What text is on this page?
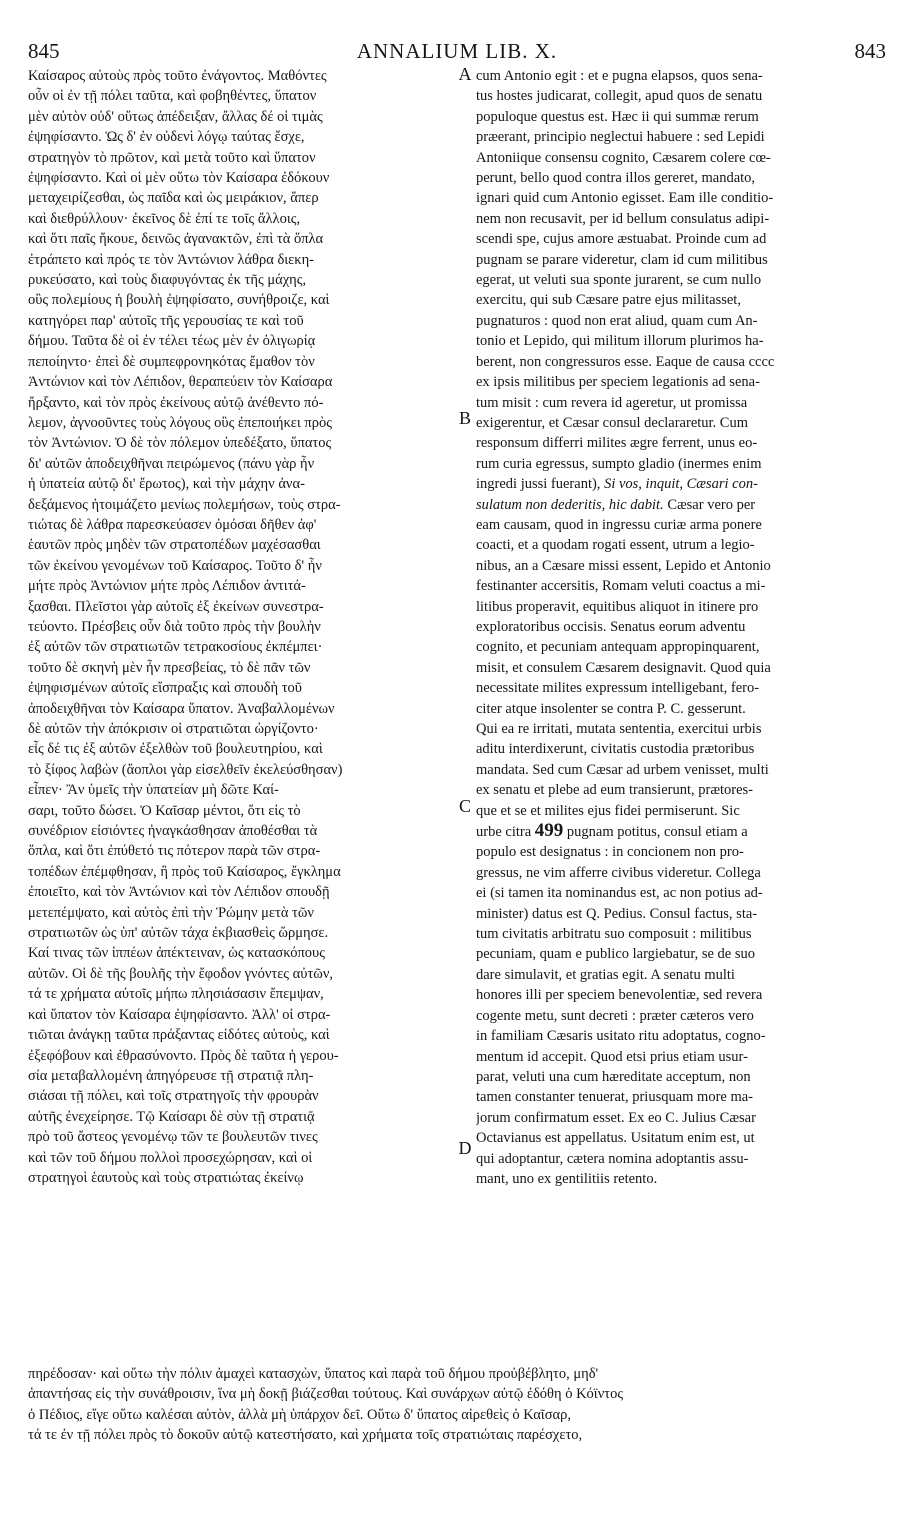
845	ANNALIUM LIB. X.	843
A
B
C
D
Καίσαρος αὐτοὺς πρὸς τοῦτο ἐνάγοντος. Μαθόντες
οὖν οἱ ἐν τῇ πόλει ταῦτα, καὶ φοβηθέντες, ὕπατον
μὲν αὐτὸν οὐδ' οὕτως ἀπέδειξαν, ἄλλας δέ οἱ τιμὰς
ἐψηφίσαντο. Ὡς δ' ἐν οὐδενὶ λόγῳ ταύτας ἔσχε,
στρατηγὸν τὸ πρῶτον, καὶ μετὰ τοῦτο καὶ ὕπατον
ἐψηφίσαντο. Καὶ οἱ μὲν οὕτω τὸν Καίσαρα ἐδόκουν
μεταχειρίζεσθαι, ὡς παῖδα καὶ ὡς μειράκιον, ἅπερ
καὶ διεθρύλλουν· ἐκεῖνος δὲ ἐπί τε τοῖς ἄλλοις,
καὶ ὅτι παῖς ἤκουε, δεινῶς ἀγανακτῶν, ἐπὶ τὰ ὅπλα
ἐτράπετο καὶ πρός τε τὸν Ἀντώνιον λάθρα διεκη-
ρυκεύσατο, καὶ τοὺς διαφυγόντας ἐκ τῆς μάχης,
οὓς πολεμίους ἡ βουλὴ ἐψηφίσατο, συνήθροιζε, καὶ
κατηγόρει παρ' αὐτοῖς τῆς γερουσίας τε καὶ τοῦ
δήμου. Ταῦτα δὲ οἱ ἐν τέλει τέως μὲν ἐν ὀλιγωρίᾳ
πεποίηντο· ἐπεὶ δὲ συμπεφρονηκότας ἔμαθον τὸν
Ἀντώνιον καὶ τὸν Λέπιδον, θεραπεύειν τὸν Καίσαρα
ἤρξαντο, καὶ τὸν πρὸς ἐκείνους αὐτῷ ἀνέθεντο πό-
λεμον, ἀγνοοῦντες τοὺς λόγους οὓς ἐπεποιήκει πρὸς
τὸν Ἀντώνιον. Ὁ δὲ τὸν πόλεμον ὑπεδέξατο, ὕπατος
δι' αὐτῶν ἀποδειχθῆναι πειρώμενος (πάνυ γὰρ ἦν
ἡ ὑπατεία αὐτῷ δι' ἔρωτος), καὶ τὴν μάχην ἀνα-
δεξάμενος ἡτοιμάζετο μενίως πολεμήσων, τοὺς στρα-
τιώτας δὲ λάθρα παρεσκεύασεν ὀμόσαι δῆθεν ἀφ'
ἑαυτῶν πρὸς μηδὲν τῶν στρατοπέδων μαχέσασθαι
τῶν ἐκείνου γενομένων τοῦ Καίσαρος. Τοῦτο δ' ἦν
μήτε πρὸς Ἀντώνιον μήτε πρὸς Λέπιδον ἀντιτά-
ξασθαι. Πλεῖστοι γὰρ αὐτοῖς ἐξ ἐκείνων συνεστρα-
τεύοντο. Πρέσβεις οὖν διὰ τοῦτο πρὸς τὴν βουλὴν
ἐξ αὐτῶν τῶν στρατιωτῶν τετρακοσίους ἐκπέμπει·
τοῦτο δὲ σκηνὴ μὲν ἦν πρεσβείας, τὸ δὲ πᾶν τῶν
ἐψηφισμένων αὐτοῖς εἴσπραξις καὶ σπουδὴ τοῦ
ἀποδειχθῆναι τὸν Καίσαρα ὕπατον. Ἀναβαλλομένων
δὲ αὐτῶν τὴν ἀπόκρισιν οἱ στρατιῶται ὠργίζοντο·
εἷς δέ τις ἐξ αὐτῶν ἐξελθὼν τοῦ βουλευτηρίου, καὶ
τὸ ξίφος λαβὼν (ἄοπλοι γὰρ εἰσελθεῖν ἐκελεύσθησαν)
εἶπεν· Ἂν ὑμεῖς τὴν ὑπατείαν μὴ δῶτε Καί-
σαρι, τοῦτο δώσει. Ὁ Καῖσαρ μέντοι, ὅτι εἰς τὸ
συνέδριον εἰσιόντες ἠναγκάσθησαν ἀποθέσθαι τὰ
ὅπλα, καὶ ὅτι ἐπύθετό τις πότερον παρὰ τῶν στρα-
τοπέδων ἐπέμφθησαν, ἢ πρὸς τοῦ Καίσαρος, ἔγκλημα
ἐποιεῖτο, καὶ τὸν Ἀντώνιον καὶ τὸν Λέπιδον σπουδῇ
μετεπέμψατο, καὶ αὐτὸς ἐπὶ τὴν Ῥώμην μετὰ τῶν
στρατιωτῶν ὡς ὑπ' αὐτῶν τάχα ἐκβιασθεὶς ὥρμησε.
Καί τινας τῶν ἱππέων ἀπέκτειναν, ὡς κατασκόπους
αὐτῶν. Οἱ δὲ τῆς βουλῆς τὴν ἔφοδον γνόντες αὐτῶν,
τά τε χρήματα αὐτοῖς μήπω πλησιάσασιν ἔπεμψαν,
καὶ ὕπατον τὸν Καίσαρα ἐψηφίσαντο. Ἀλλ' οἱ στρα-
τιῶται ἀνάγκῃ ταῦτα πράξαντας εἰδότες αὐτοὺς, καὶ
ἐξεφόβουν καὶ ἐθρασύνοντο. Πρὸς δὲ ταῦτα ἡ γερου-
σία μεταβαλλομένη ἀπηγόρευσε τῇ στρατιᾷ πλη-
σιάσαι τῇ πόλει, καὶ τοῖς στρατηγοῖς τὴν φρουρὰν
αὐτῆς ἐνεχείρησε. Τῷ Καίσαρι δὲ σὺν τῇ στρατιᾷ
πρὸ τοῦ ἄστεος γενομένῳ τῶν τε βουλευτῶν τινες
καὶ τῶν τοῦ δήμου πολλοὶ προσεχώρησαν, καὶ οἱ
στρατηγοὶ ἑαυτοὺς καὶ τοὺς στρατιώτας ἐκείνῳ
cum Antonio egit : et e pugna elapsos, quos sena-
tus hostes judicarat, collegit, apud quos de senatu
populoque questus est. Hæc ii qui summæ rerum
præerant, principio neglectui habuere : sed Lepidi
Antoniique consensu cognito, Cæsarem colere cœ-
perunt, bello quod contra illos gereret, mandato,
ignari quid cum Antonio egisset. Eam ille conditio-
nem non recusavit, per id bellum consulatus adipi-
scendi spe, cujus amore æstuabat. Proinde cum ad
pugnam se parare videretur, clam id cum militibus
egerat, ut veluti sua sponte jurarent, se cum nullo
exercitu, qui sub Cæsare patre ejus militasset,
pugnaturos : quod non erat aliud, quam cum An-
tonio et Lepido, qui militum illorum plurimos ha-
berent, non congressuros esse. Eaque de causa cccc
ex ipsis militibus per speciem legationis ad sena-
tum misit : cum revera id ageretur, ut promissa
exigerentur, et Cæsar consul declararetur. Cum
responsum differri milites ægre ferrent, unus eo-
rum curia egressus, sumpto gladio (inermes enim
ingredi jussi fuerant), Si vos, inquit, Cæsari con-
sulatum non dederitis, hic dabit. Cæsar vero per
eam causam, quod in ingressu curiæ arma ponere
coacti, et a quodam rogati essent, utrum a legio-
nibus, an a Cæsare missi essent, Lepido et Antonio
festinanter accersitis, Romam veluti coactus a mi-
litibus properavit, equitibus aliquot in itinere pro
exploratoribus occisis. Senatus eorum adventu
cognito, et pecuniam antequam appropinquarent,
misit, et consulem Cæsarem designavit. Quod quia
necessitate milites expressum intelligebant, fero-
citer atque insolenter se contra P. C. gesserunt.
Qui ea re irritati, mutata sententia, exercitui urbis
aditu interdixerunt, civitatis custodia prætoribus
mandata. Sed cum Cæsar ad urbem venisset, multi
ex senatu et plebe ad eum transierunt, prætores-
que et se et milites ejus fidei permiserunt. Sic
urbe citra 499 pugnam potitus, consul etiam a
populo est designatus : in concionem non pro-
gressus, ne vim afferre civibus videretur. Collega
ei (si tamen ita nominandus est, ac non potius ad-
minister) datus est Q. Pedius. Consul factus, sta-
tum civitatis arbitratu suo composuit : militibus
pecuniam, quam e publico largiebatur, se de suo
dare simulavit, et gratias egit. A senatu multi
honores illi per speciem benevolentiæ, sed revera
cogente metu, sunt decreti : præter cæteros vero
in familiam Cæsaris usitato ritu adoptatus, cogno-
mentum id accepit. Quod etsi prius etiam usur-
parat, veluti una cum hæreditate acceptum, non
tamen constanter tenuerat, priusquam more ma-
jorum confirmatum esset. Ex eo C. Julius Cæsar
Octavianus est appellatus. Usitatum enim est, ut
qui adoptantur, cætera nomina adoptantis assu-
mant, uno ex gentilitiis retento.
πηρέδοσαν· καὶ οὕτω τὴν πόλιν ἀμαχεὶ κατασχὼν, ὕπατος καὶ παρὰ τοῦ δήμου προὐβέβλητο, μηδ'
ἀπαντήσας εἰς τὴν συνάθροισιν, ἵνα μὴ δοκῇ βιάζεσθαι τούτους. Καὶ συνάρχων αὐτῷ ἐδόθη ὁ Κόϊντος
ὁ Πέδιος, εἴγε οὕτω καλέσαι αὐτὸν, ἀλλὰ μὴ ὑπάρχον δεῖ. Οὕτω δ' ὕπατος αἱρεθεὶς ὁ Καῖσαρ,
τά τε ἐν τῇ πόλει πρὸς τὸ δοκοῦν αὐτῷ κατεστήσατο, καὶ χρήματα τοῖς στρατιώταις παρέσχετο,
